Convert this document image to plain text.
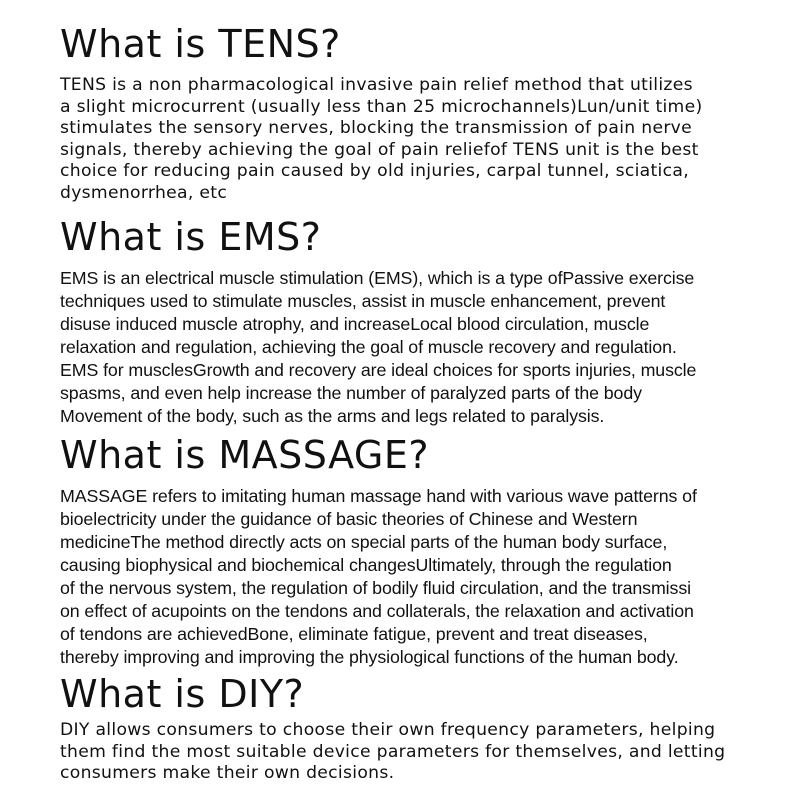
What is TENS?
TENS is a non pharmacological invasive pain relief method that utilizes
a slight microcurrent (usually less than 25 microchannels)Lun/unit time)
stimulates the sensory nerves, blocking the transmission of pain nerve
signals, thereby achieving the goal of pain reliefof TENS unit is the best
choice for reducing pain caused by old injuries, carpal tunnel, sciatica,
dysmenorrhea, etc
What is EMS?
EMS is an electrical muscle stimulation (EMS), which is a type ofPassive exercise
techniques used to stimulate muscles, assist in muscle enhancement, prevent
disuse induced muscle atrophy, and increaseLocal blood circulation, muscle
relaxation and regulation, achieving the goal of muscle recovery and regulation.
EMS for musclesGrowth and recovery are ideal choices for sports injuries, muscle
spasms, and even help increase the number of paralyzed parts of the body
Movement of the body, such as the arms and legs related to paralysis.
What is MASSAGE?
MASSAGE refers to imitating human massage hand with various wave patterns of
bioelectricity under the guidance of basic theories of Chinese and Western
medicineThe method directly acts on special parts of the human body surface,
causing biophysical and biochemical changesUltimately, through the regulation
of the nervous system, the regulation of bodily fluid circulation, and the transmissi
on effect of acupoints on the tendons and collaterals, the relaxation and activation
of tendons are achievedBone, eliminate fatigue, prevent and treat diseases,
thereby improving and improving the physiological functions of the human body.
What is DIY?
DIY allows consumers to choose their own frequency parameters, helping
them find the most suitable device parameters for themselves, and letting
consumers make their own decisions.
